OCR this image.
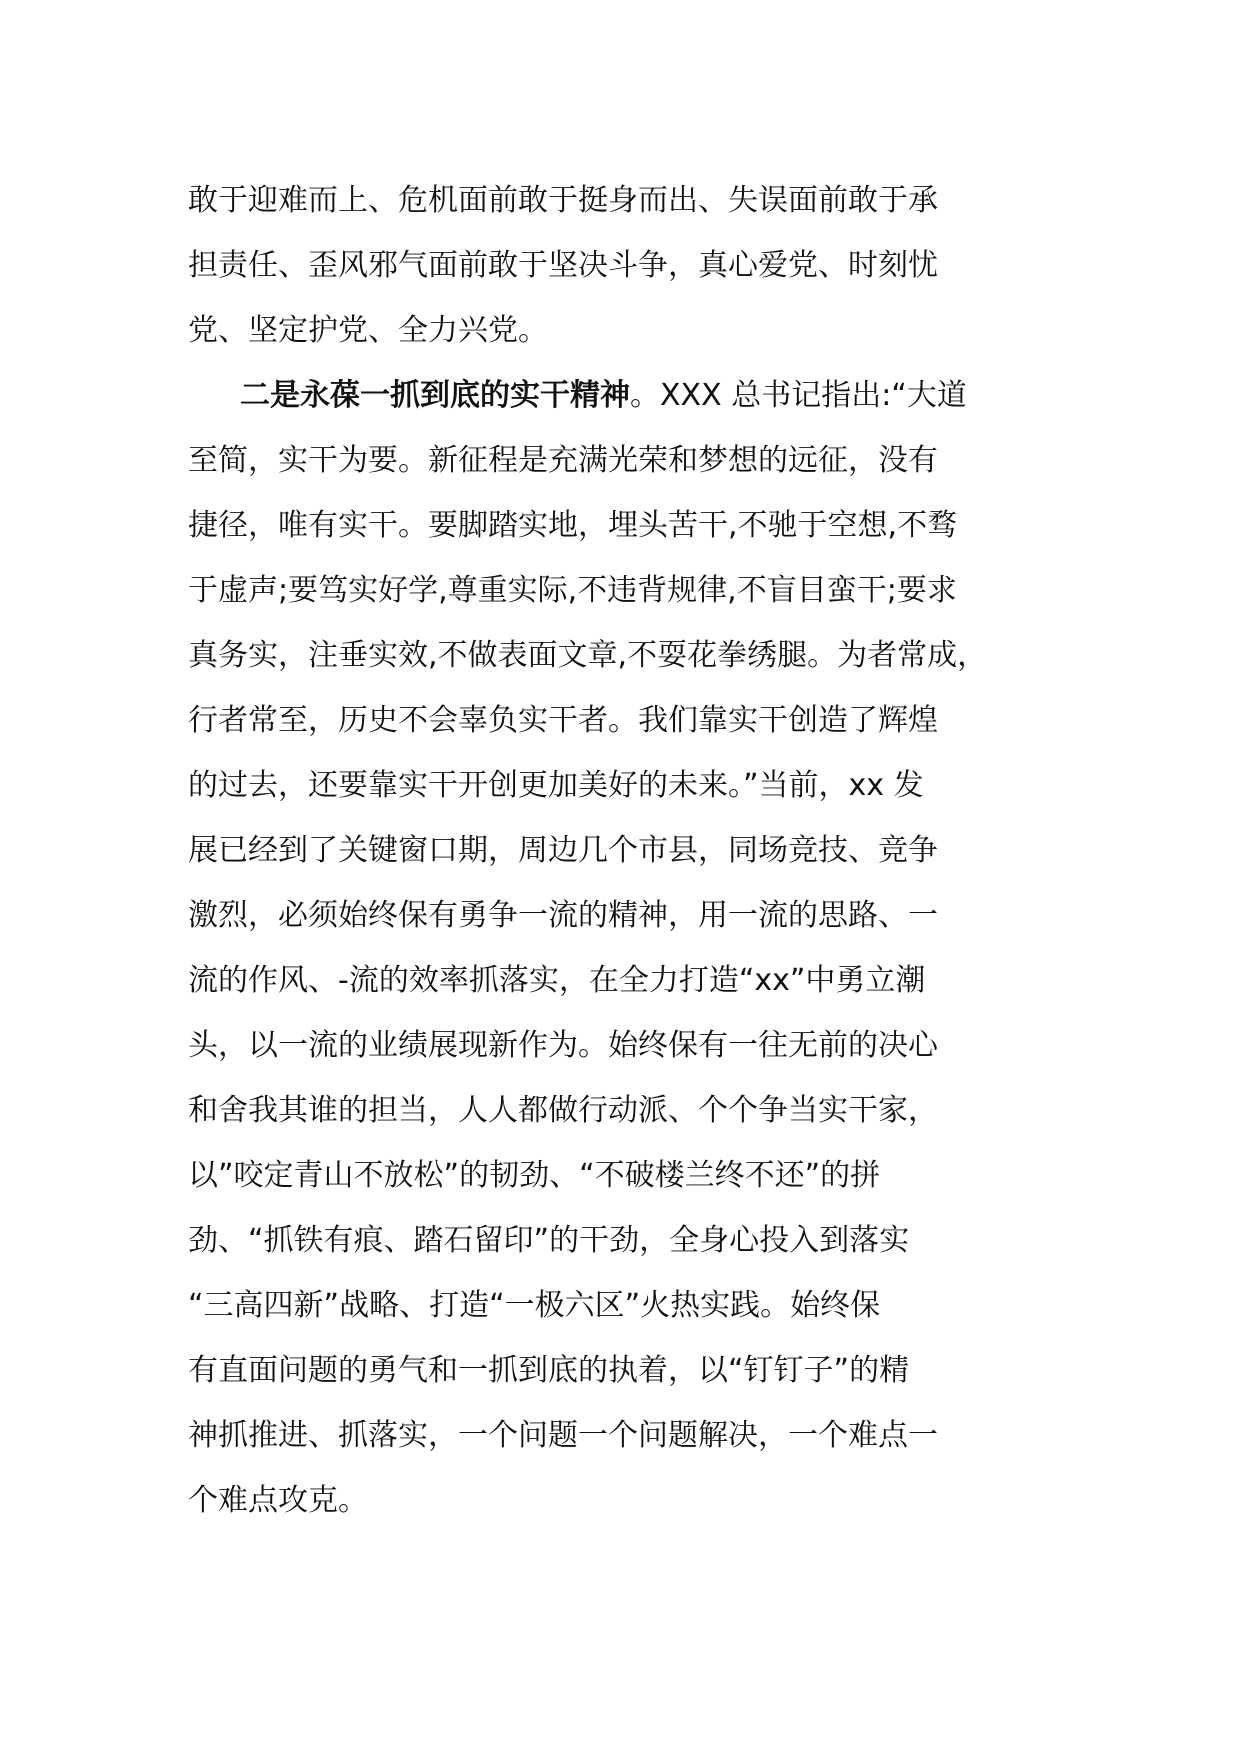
敢于迎难而上、危机面前敢于挺身而出、失误面前敢于承
担责任、歪风邪气面前敢于坚决斗争，真心爱党、时刻忧
党、坚定护党、全力兴党。
二是永葆一抓到底的实干精神。XXX 总书记指出:“大道
至简，实干为要。新征程是充满光荣和梦想的远征，没有
捷径，唯有实干。要脚踏实地，埋头苦干,不驰于空想,不骛
于虚声;要笃实好学,尊重实际,不违背规律,不盲目蛮干;要求
真务实，注垂实效,不做表面文章,不耍花拳绣腿。为者常成，
行者常至，历史不会辜负实干者。我们靠实干创造了辉煌
的过去，还要靠实干开创更加美好的未来。”当前，xx 发
展已经到了关键窗口期，周边几个市县，同场竞技、竞争
激烈，必须始终保有勇争一流的精神，用一流的思路、一
流的作风、-流的效率抓落实，在全力打造“xx”中勇立潮
头，以一流的业绩展现新作为。始终保有一往无前的决心
和舍我其谁的担当，人人都做行动派、个个争当实干家，
以”咬定青山不放松”的韧劲、“不破楼兰终不还”的拼
劲、“抓铁有痕、踏石留印”的干劲，全身心投入到落实
“三高四新”战略、打造“一极六区”火热实践。始终保
有直面问题的勇气和一抓到底的执着，以“钉钉子”的精
神抓推进、抓落实，一个问题一个问题解决，一个难点一
个难点攻克。
